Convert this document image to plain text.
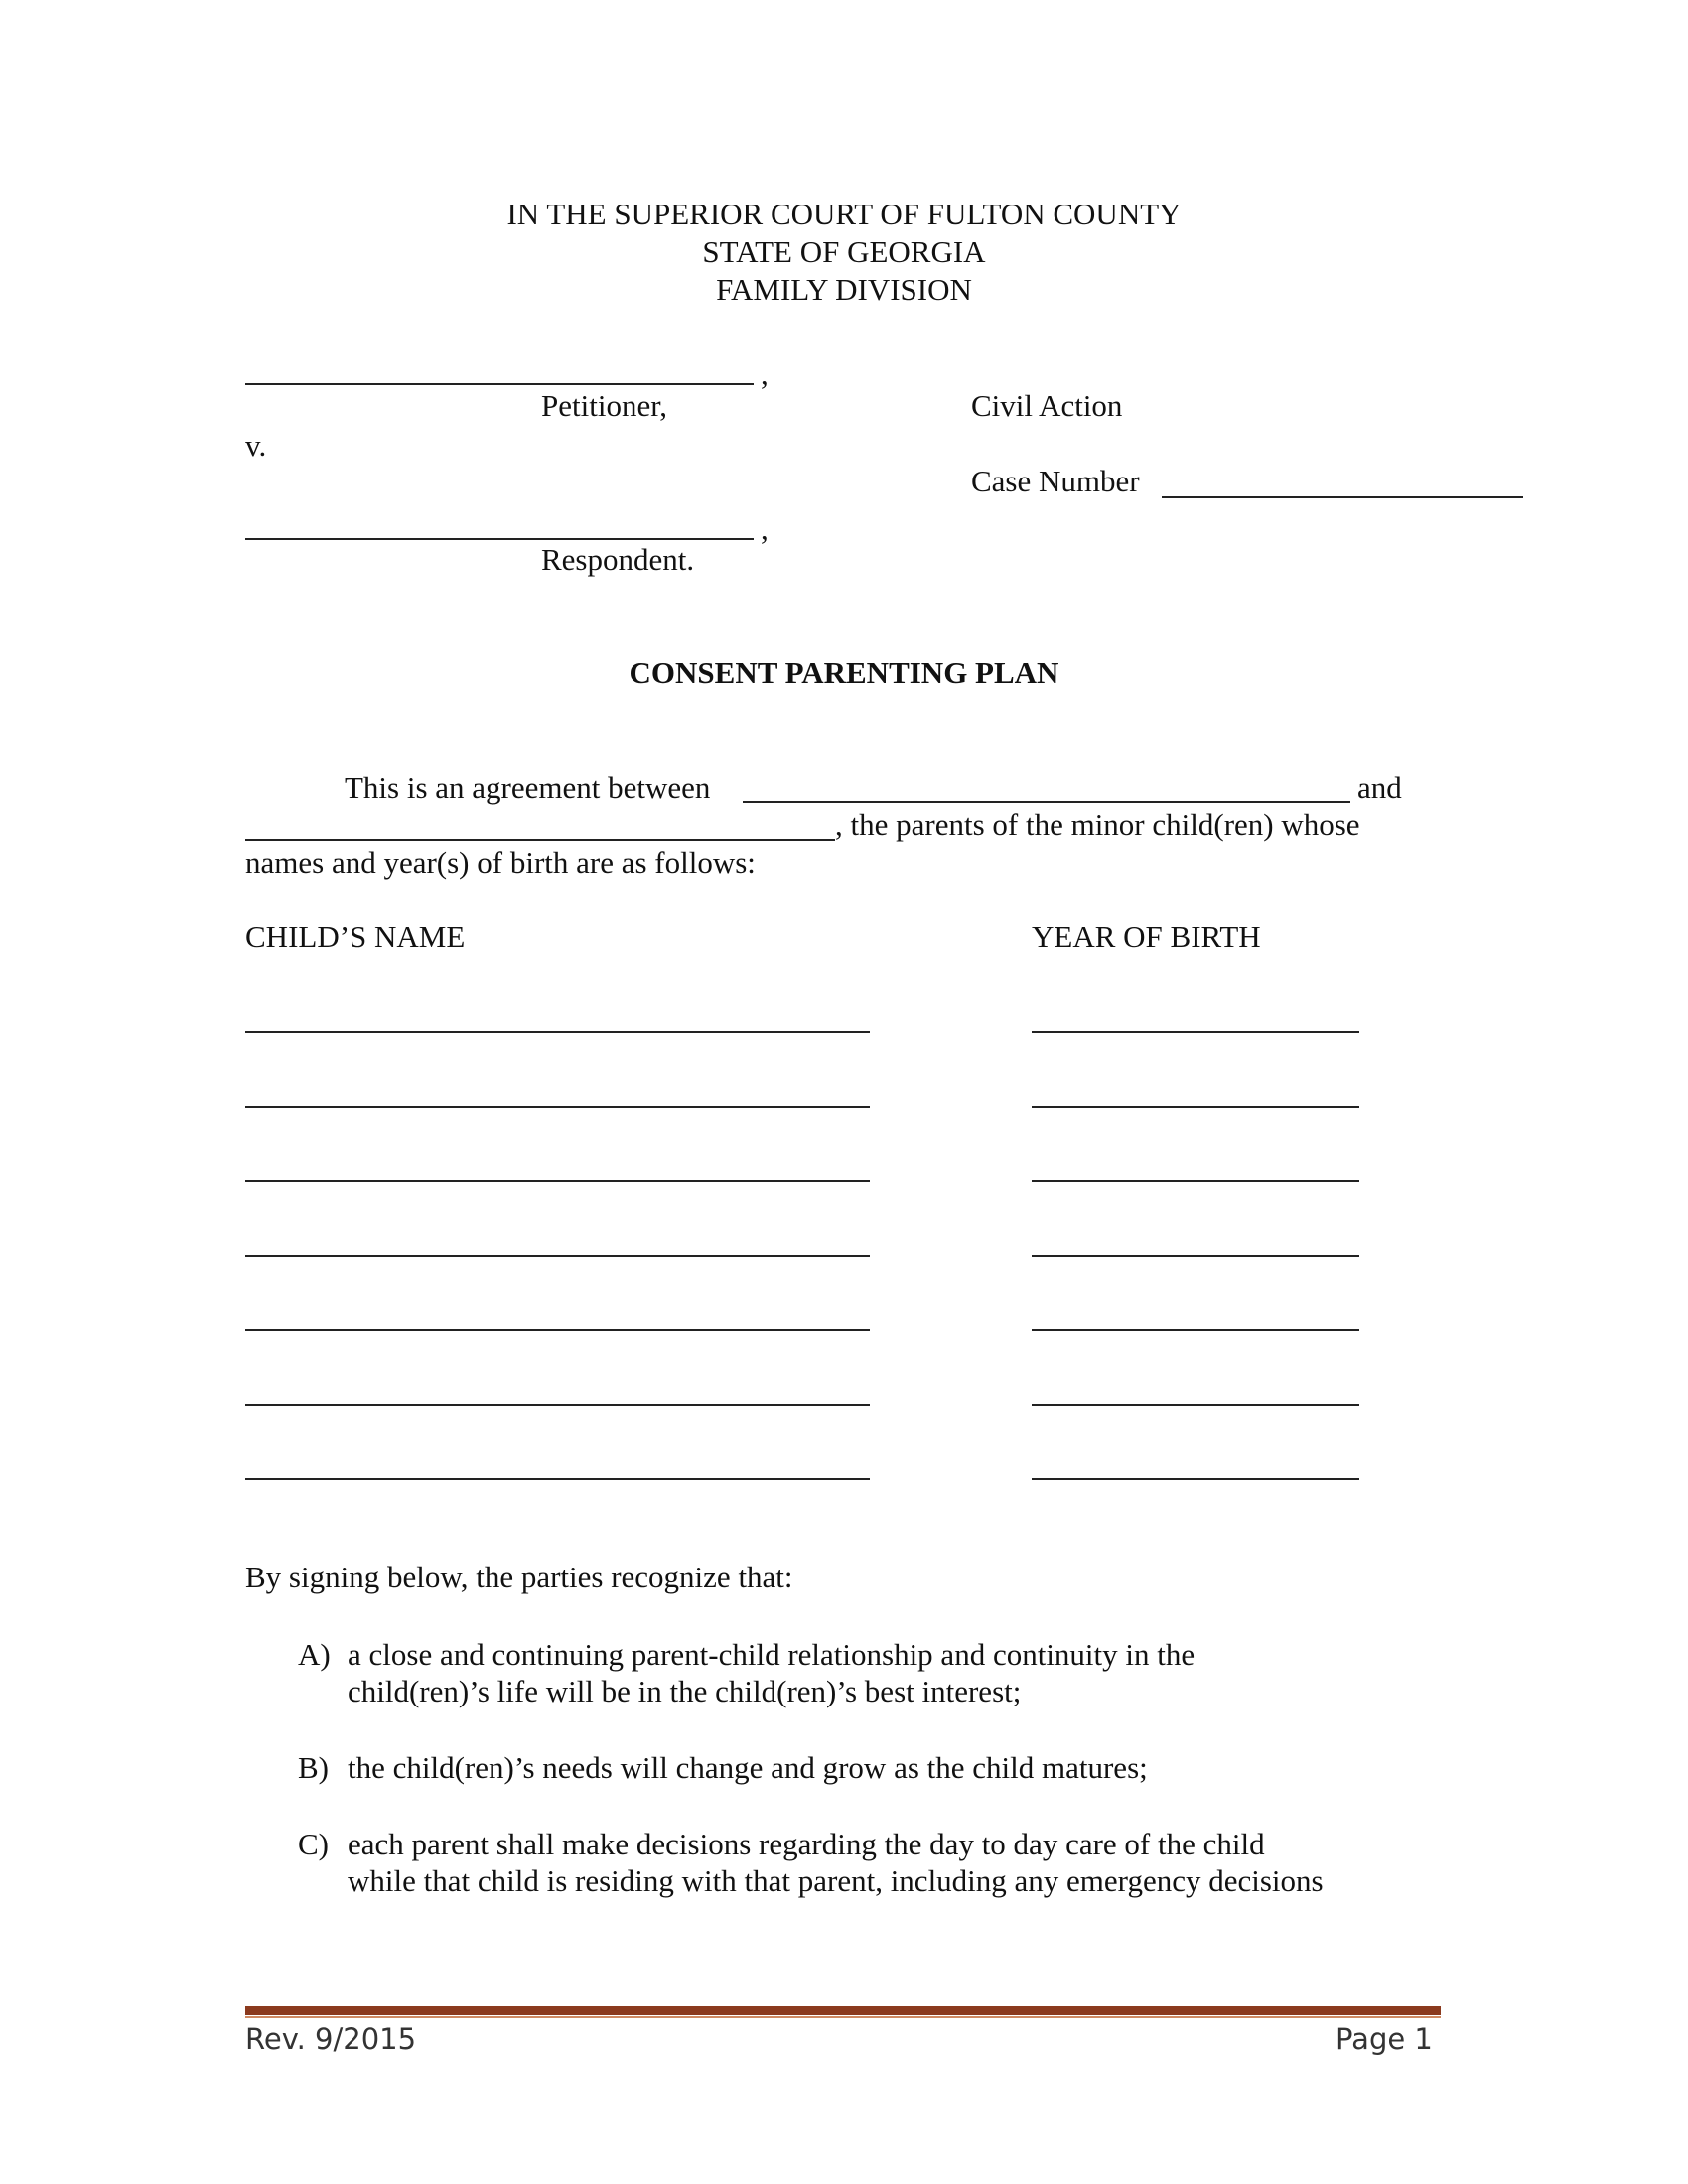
IN THE SUPERIOR COURT OF FULTON COUNTY
STATE OF GEORGIA
FAMILY DIVISION
,
Petitioner,	Civil Action
v.
Case Number
,
Respondent.
CONSENT PARENTING PLAN
This is an agreement between	and
, the parents of the minor child(ren) whose
names and year(s) of birth are as follows:
CHILD’S NAME	YEAR OF BIRTH
By signing below, the parties recognize that:
A) a close and continuing parent-child relationship and continuity in the
child(ren)’s life will be in the child(ren)’s best interest;
B) the child(ren)’s needs will change and grow as the child matures;
C) each parent shall make decisions regarding the day to day care of the child
while that child is residing with that parent, including any emergency decisions
Rev. 9/2015	Page 1
